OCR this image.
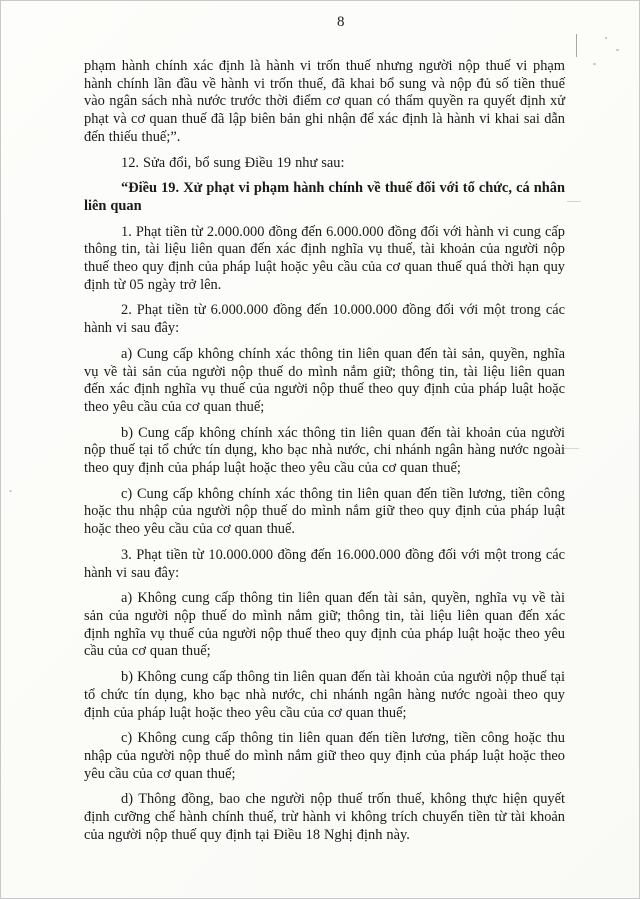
8

phạm hành chính xác định là hành vi trốn thuế nhưng người nộp thuế vi phạm hành chính lần đầu về hành vi trốn thuế, đã khai bổ sung và nộp đủ số tiền thuế vào ngân sách nhà nước trước thời điểm cơ quan có thẩm quyền ra quyết định xử phạt và cơ quan thuế đã lập biên bản ghi nhận để xác định là hành vi khai sai dẫn đến thiếu thuế;”.

12. Sửa đổi, bổ sung Điều 19 như sau:

“Điều 19. Xử phạt vi phạm hành chính về thuế đối với tổ chức, cá nhân liên quan

1. Phạt tiền từ 2.000.000 đồng đến 6.000.000 đồng đối với hành vi cung cấp thông tin, tài liệu liên quan đến xác định nghĩa vụ thuế, tài khoản của người nộp thuế theo quy định của pháp luật hoặc yêu cầu của cơ quan thuế quá thời hạn quy định từ 05 ngày trở lên.

2. Phạt tiền từ 6.000.000 đồng đến 10.000.000 đồng đối với một trong các hành vi sau đây:

a) Cung cấp không chính xác thông tin liên quan đến tài sản, quyền, nghĩa vụ về tài sản của người nộp thuế do mình nắm giữ; thông tin, tài liệu liên quan đến xác định nghĩa vụ thuế của người nộp thuế theo quy định của pháp luật hoặc theo yêu cầu của cơ quan thuế;

b) Cung cấp không chính xác thông tin liên quan đến tài khoản của người nộp thuế tại tổ chức tín dụng, kho bạc nhà nước, chi nhánh ngân hàng nước ngoài theo quy định của pháp luật hoặc theo yêu cầu của cơ quan thuế;

c) Cung cấp không chính xác thông tin liên quan đến tiền lương, tiền công hoặc thu nhập của người nộp thuế do mình nắm giữ theo quy định của pháp luật hoặc theo yêu cầu của cơ quan thuế.

3. Phạt tiền từ 10.000.000 đồng đến 16.000.000 đồng đối với một trong các hành vi sau đây:

a) Không cung cấp thông tin liên quan đến tài sản, quyền, nghĩa vụ về tài sản của người nộp thuế do mình nắm giữ; thông tin, tài liệu liên quan đến xác định nghĩa vụ thuế của người nộp thuế theo quy định của pháp luật hoặc theo yêu cầu của cơ quan thuế;

b) Không cung cấp thông tin liên quan đến tài khoản của người nộp thuế tại tổ chức tín dụng, kho bạc nhà nước, chi nhánh ngân hàng nước ngoài theo quy định của pháp luật hoặc theo yêu cầu của cơ quan thuế;

c) Không cung cấp thông tin liên quan đến tiền lương, tiền công hoặc thu nhập của người nộp thuế do mình nắm giữ theo quy định của pháp luật hoặc theo yêu cầu của cơ quan thuế;

d) Thông đồng, bao che người nộp thuế trốn thuế, không thực hiện quyết định cưỡng chế hành chính thuế, trừ hành vi không trích chuyển tiền từ tài khoản của người nộp thuế quy định tại Điều 18 Nghị định này.
